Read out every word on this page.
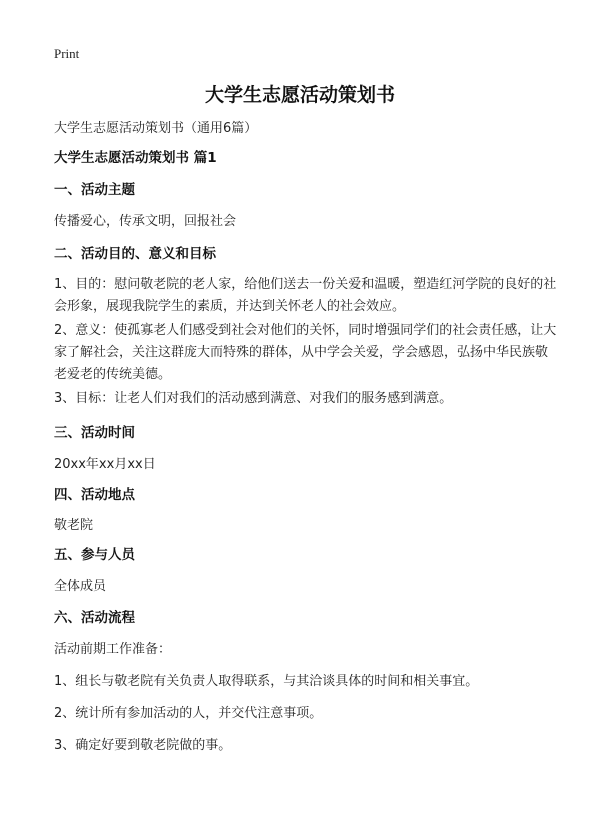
Print
大学生志愿活动策划书
大学生志愿活动策划书（通用6篇）
大学生志愿活动策划书 篇1
一、活动主题
传播爱心，传承文明，回报社会
二、活动目的、意义和目标
1、目的：慰问敬老院的老人家，给他们送去一份关爱和温暖，塑造红河学院的良好的社会形象，展现我院学生的素质，并达到关怀老人的社会效应。
2、意义：使孤寡老人们感受到社会对他们的关怀，同时增强同学们的社会责任感，让大家了解社会，关注这群庞大而特殊的群体，从中学会关爱，学会感恩，弘扬中华民族敬老爱老的传统美德。
3、目标：让老人们对我们的活动感到满意、对我们的服务感到满意。
三、活动时间
20xx年xx月xx日
四、活动地点
敬老院
五、参与人员
全体成员
六、活动流程
活动前期工作准备：
1、组长与敬老院有关负责人取得联系，与其洽谈具体的时间和相关事宜。
2、统计所有参加活动的人，并交代注意事项。
3、确定好要到敬老院做的事。
